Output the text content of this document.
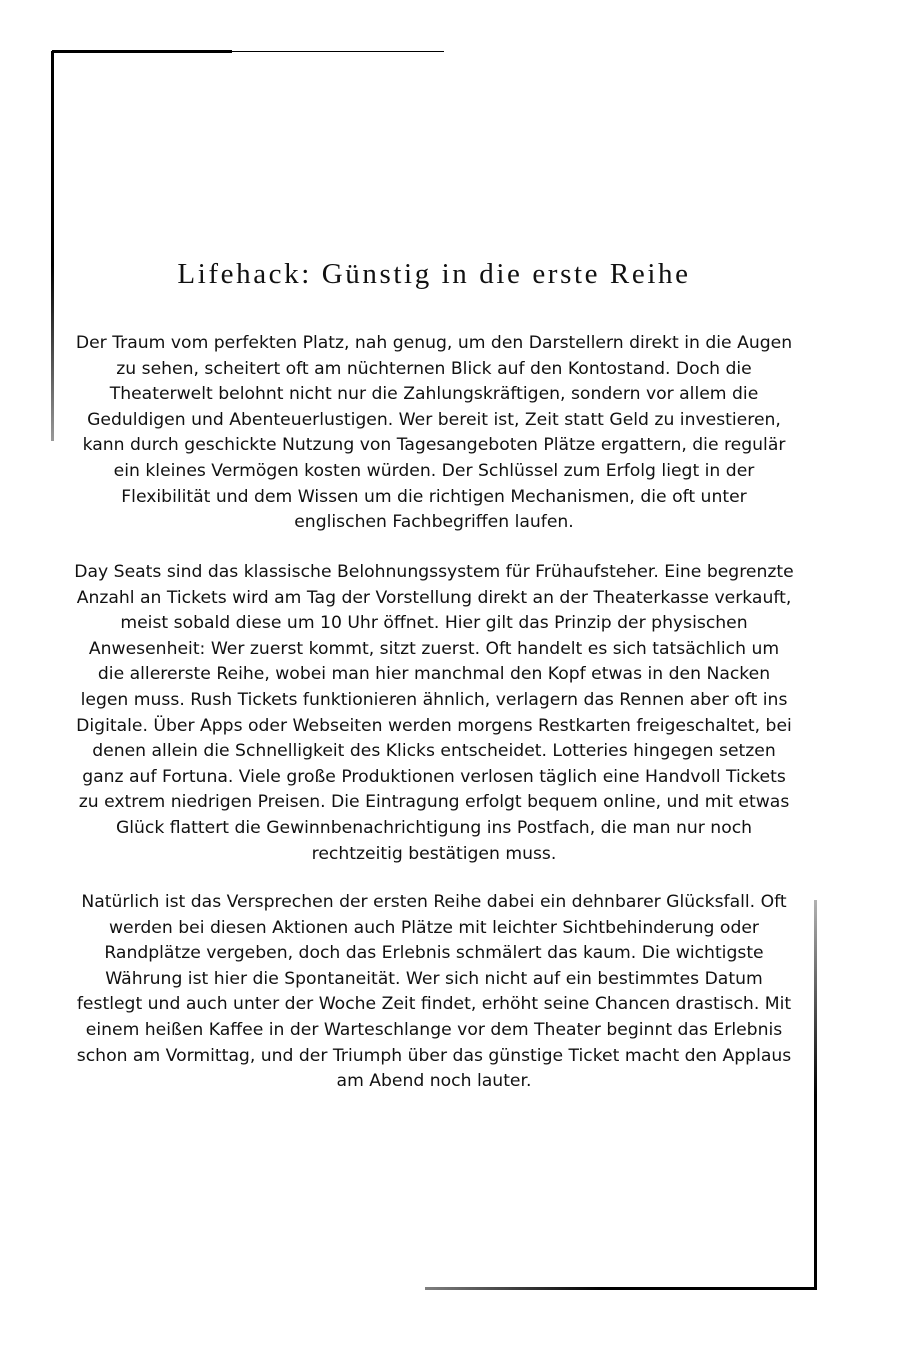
Lifehack: Günstig in die erste Reihe

Der Traum vom perfekten Platz, nah genug, um den Darstellern direkt in die Augen zu sehen, scheitert oft am nüchternen Blick auf den Kontostand. Doch die Theaterwelt belohnt nicht nur die Zahlungskräftigen, sondern vor allem die Geduldigen und Abenteuerlustigen. Wer bereit ist, Zeit statt Geld zu investieren, kann durch geschickte Nutzung von Tagesangeboten Plätze ergattern, die regulär ein kleines Vermögen kosten würden. Der Schlüssel zum Erfolg liegt in der Flexibilität und dem Wissen um die richtigen Mechanismen, die oft unter englischen Fachbegriffen laufen.

Day Seats sind das klassische Belohnungssystem für Frühaufsteher. Eine begrenzte Anzahl an Tickets wird am Tag der Vorstellung direkt an der Theaterkasse verkauft, meist sobald diese um 10 Uhr öffnet. Hier gilt das Prinzip der physischen Anwesenheit: Wer zuerst kommt, sitzt zuerst. Oft handelt es sich tatsächlich um die allererste Reihe, wobei man hier manchmal den Kopf etwas in den Nacken legen muss. Rush Tickets funktionieren ähnlich, verlagern das Rennen aber oft ins Digitale. Über Apps oder Webseiten werden morgens Restkarten freigeschaltet, bei denen allein die Schnelligkeit des Klicks entscheidet. Lotteries hingegen setzen ganz auf Fortuna. Viele große Produktionen verlosen täglich eine Handvoll Tickets zu extrem niedrigen Preisen. Die Eintragung erfolgt bequem online, und mit etwas Glück flattert die Gewinnbenachrichtigung ins Postfach, die man nur noch rechtzeitig bestätigen muss.

Natürlich ist das Versprechen der ersten Reihe dabei ein dehnbarer Glücksfall. Oft werden bei diesen Aktionen auch Plätze mit leichter Sichtbehinderung oder Randplätze vergeben, doch das Erlebnis schmälert das kaum. Die wichtigste Währung ist hier die Spontaneität. Wer sich nicht auf ein bestimmtes Datum festlegt und auch unter der Woche Zeit findet, erhöht seine Chancen drastisch. Mit einem heißen Kaffee in der Warteschlange vor dem Theater beginnt das Erlebnis schon am Vormittag, und der Triumph über das günstige Ticket macht den Applaus am Abend noch lauter.
